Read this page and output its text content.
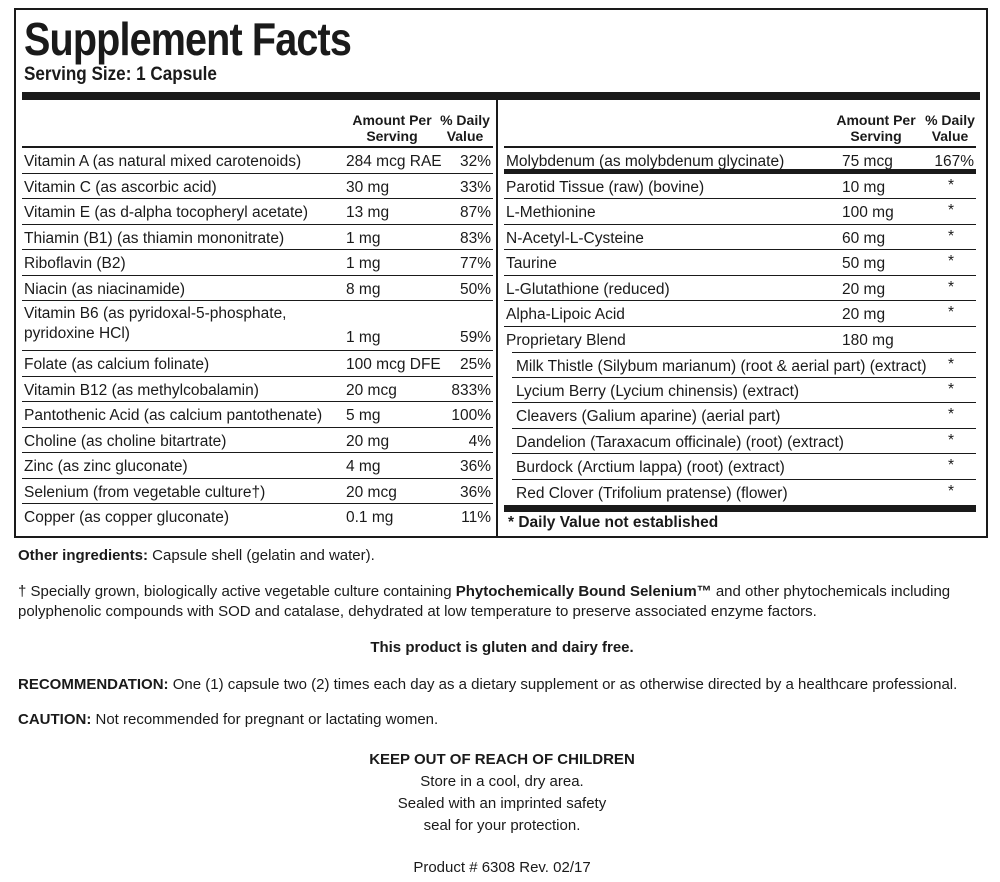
Supplement Facts
Serving Size: 1 Capsule
Amount Per
Serving
% Daily
Value
Vitamin A (as natural mixed carotenoids)	284 mcg RAE 32%
Vitamin C (as ascorbic acid)	30 mg	33%
Vitamin E (as d-alpha tocopheryl acetate) 13 mg	87%
Thiamin (B1) (as thiamin mononitrate)	1 mg	83%
Riboflavin (B2)	1 mg	77%
Niacin (as niacinamide)	8 mg	50%
Vitamin B6 (as pyridoxal-5-phosphate,
pyridoxine HCl)	1 mg	59%
Folate (as calcium folinate)	100 mcg DFE 25%
Vitamin B12 (as methylcobalamin)	20 mcg	833%
Pantothenic Acid (as calcium pantothenate) 5 mg	100%
Choline (as choline bitartrate)	20 mg	4%
Zinc (as zinc gluconate)	4 mg	36%
Selenium (from vegetable culture†)	20 mcg	36%
Copper (as copper gluconate)	0.1 mg	11%
Amount Per
Serving
% Daily
Value
Molybdenum (as molybdenum glycinate)	75 mcg	167%
Parotid Tissue (raw) (bovine)	10 mg	*
L-Methionine	100 mg	*
N-Acetyl-L-Cysteine	60 mg	*
Taurine	50 mg	*
L-Glutathione (reduced)	20 mg	*
Alpha-Lipoic Acid	20 mg	*
Proprietary Blend	180 mg
Milk Thistle (Silybum marianum) (root & aerial part) (extract) *
Lycium Berry (Lycium chinensis) (extract)	*
Cleavers (Galium aparine) (aerial part)	*
Dandelion (Taraxacum officinale) (root) (extract)	*
Burdock (Arctium lappa) (root) (extract)	*
Red Clover (Trifolium pratense) (flower)	*
* Daily Value not established
Other ingredients: Capsule shell (gelatin and water).
† Specially grown, biologically active vegetable culture containing Phytochemically Bound Selenium™ and other phytochemicals including polyphenolic compounds with SOD and catalase, dehydrated at low temperature to preserve associated enzyme factors.
This product is gluten and dairy free.
RECOMMENDATION: One (1) capsule two (2) times each day as a dietary supplement or as otherwise directed by a healthcare professional.
CAUTION: Not recommended for pregnant or lactating women.
KEEP OUT OF REACH OF CHILDREN
Store in a cool, dry area.
Sealed with an imprinted safety
seal for your protection.
Product # 6308 Rev. 02/17
